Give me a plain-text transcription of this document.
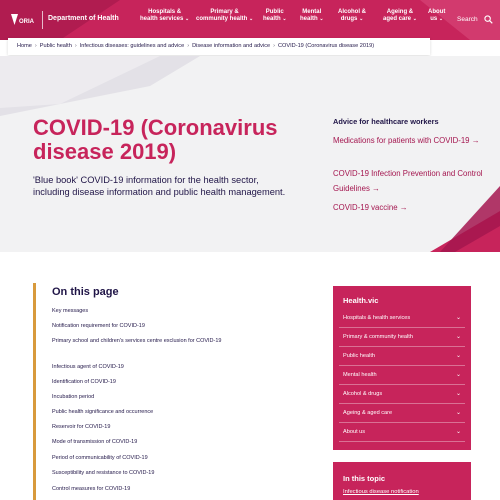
ORIA Department of Health
Hospitals &
health services ⌄
Primary &
community health ⌄
Public
health ⌄
Mental
health ⌄
Alcohol &
drugs ⌄
Ageing &
aged care ⌄
About
us ⌄	Search
Home › Public health › Infectious diseases: guidelines and advice › Disease information and advice › COVID-19 (Coronavirus disease 2019)
COVID-19 (Coronavirus disease 2019)
'Blue book' COVID-19 information for the health sector, including disease information and public health management.
Advice for healthcare workers
Medications for patients with COVID-19 →
COVID-19 Infection Prevention and Control Guidelines →
COVID-19 vaccine →
On this page
Key messages
Notification requirement for COVID-19
Primary school and children's services centre exclusion for COVID-19
Infectious agent of COVID-19
Identification of COVID-19
Incubation period
Public health significance and occurrence
Reservoir for COVID-19
Mode of transmission of COVID-19
Period of communicability of COVID-19
Susceptibility and resistance to COVID-19
Control measures for COVID-19
Health.vic
Hospitals & health services	⌄
Primary & community health	⌄
Public health	⌄
Mental health	⌄
Alcohol & drugs	⌄
Ageing & aged care	⌄
About us	⌄
In this topic
Infectious disease notification
